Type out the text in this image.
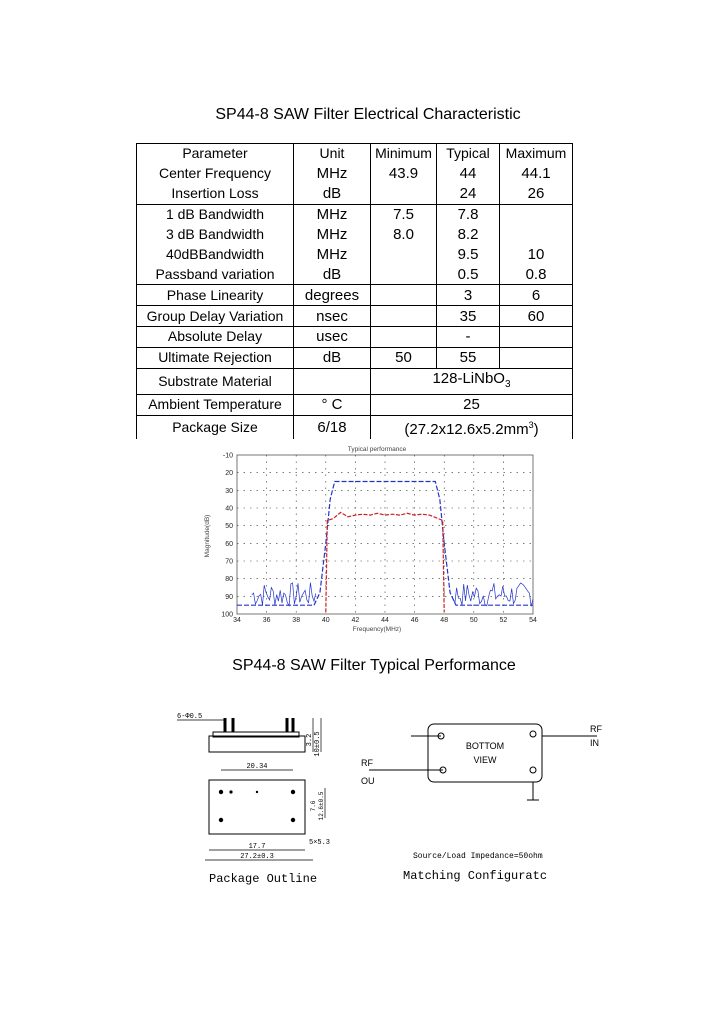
SP44-8 SAW Filter Electrical Characteristic
Parameter	Unit	Minimum	Typical	Maximum
Center Frequency	MHz	43.9	44	44.1
Insertion Loss	dB		24	26
1 dB Bandwidth	MHz	7.5	7.8	
3 dB Bandwidth	MHz	8.0	8.2	
40dBBandwidth	MHz		9.5	10
Passband variation	dB		0.5	0.8
Phase Linearity	degrees		3	6
Group Delay Variation	nsec		35	60
Absolute Delay	usec		-	
Ultimate Rejection	dB	50	55	
Substrate Material		128-LiNbO$_3$
Ambient Temperature	° C	25		
Package Size	6/18	$(27.2x12.6x5.2mm^3)$		
Typical performance
-10
20
30
40
50
60
70
80
90
100
34	36	38	40	42	44	46	48	50	52	54
Frequency(MHz)
Magnitude(dB)
SP44-8 SAW Filter Typical Performance
6-Φ0.5
10±0.5
3.2
20.34
17.7
27.2±0.3
7.6 12.6±0.5
5×5.3
Package Outline
RF
IN
RF
OU
BOTTOM
VIEW
Source/Load Impedance=50ohm
Matching Configuratc
